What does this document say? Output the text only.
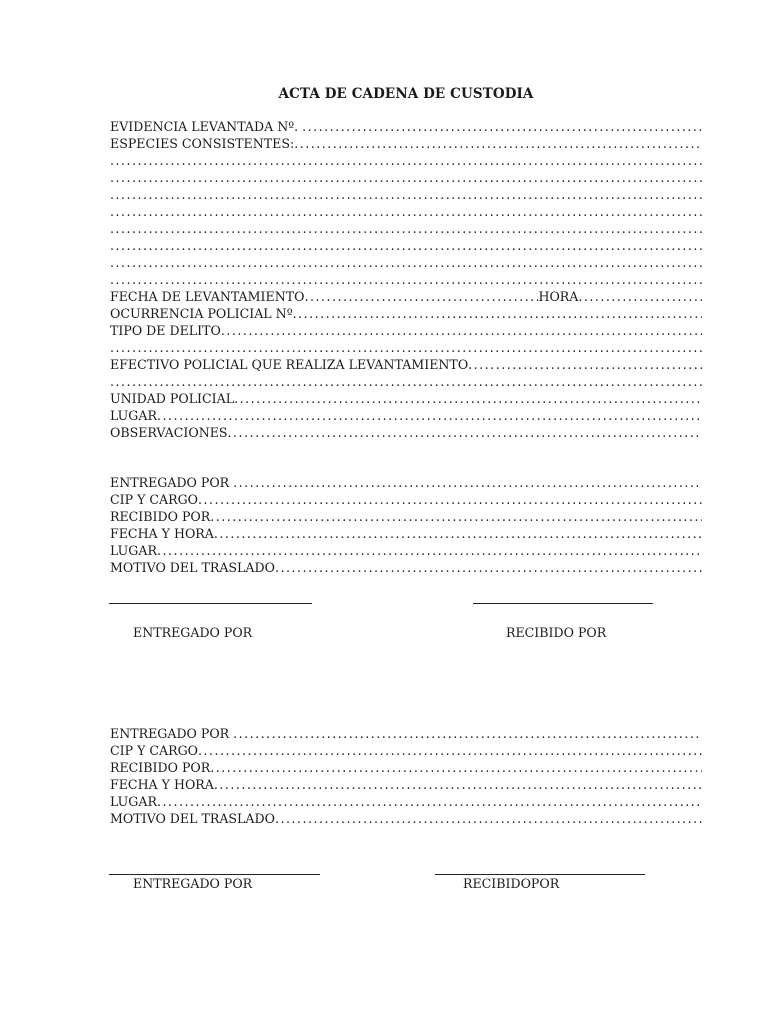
ACTA DE CADENA DE CUSTODIA
EVIDENCIA LEVANTADA Nº. .....
ESPECIES CONSISTENTES: .....
.....
.....
.....
.....
.....
.....
.....
.....
FECHA DE LEVANTAMIENTO.....	HORA .....
OCURRENCIA POLICIAL Nº .....
TIPO DE DELITO .....
.....
EFECTIVO POLICIAL QUE REALIZA LEVANTAMIENTO .....
.....
UNIDAD POLICIAL .....
LUGAR .....
OBSERVACIONES .....
ENTREGADO POR .....
CIP Y CARGO .....
RECIBIDO POR .....
FECHA Y HORA .....
LUGAR .....
MOTIVO DEL TRASLADO .....
ENTREGADO POR	RECIBIDO POR
ENTREGADO POR .....
CIP Y CARGO .....
RECIBIDO POR .....
FECHA Y HORA .....
LUGAR .....
MOTIVO DEL TRASLADO .....
ENTREGADO POR	RECIBIDOPOR
